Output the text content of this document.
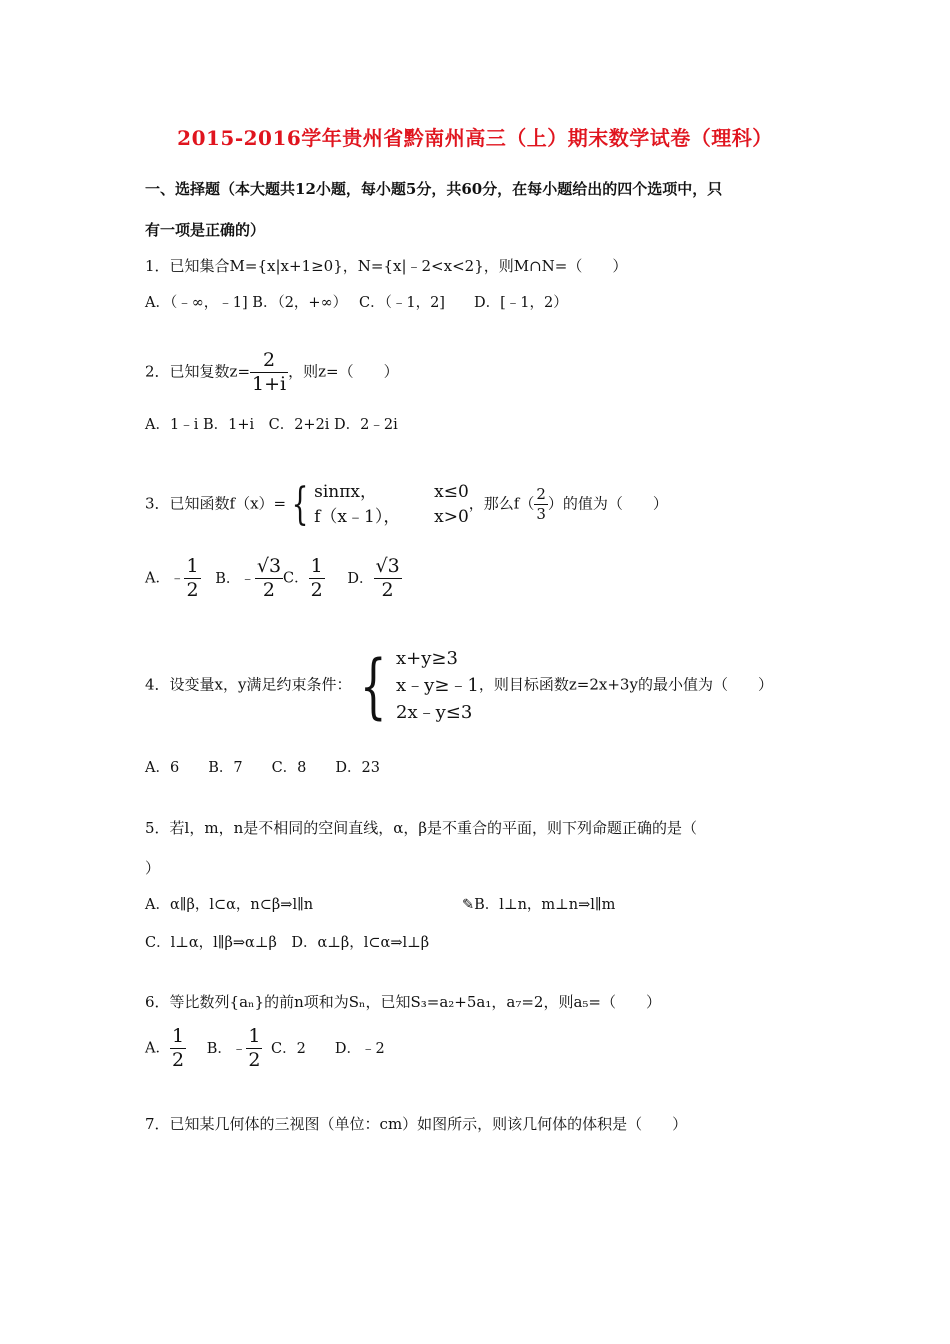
2015-2016学年贵州省黔南州高三（上）期末数学试卷（理科）
一、选择题（本大题共12小题，每小题5分，共60分，在每小题给出的四个选项中，只
有一项是正确的）
1．已知集合M={x|x+1≥0}，N={x|﹣2<x<2}，则M∩N=（　　）
A．（﹣∞，﹣1] B．（2，+∞）　 C．（﹣1，2]　　D．[﹣1，2）
2．已知复数$z= \frac{2}{1+i}$ ，则z=（　　）
A．1﹣i B．1+i　C．2+2i D．2﹣2i
3．已知函数f（x）= { sinπx，	x≤0
f（x﹣1）， x>0
，那么$f( \frac{2}{3}$ ）的值为（　　）
A．﹣ $\frac{1}{2}$ B．﹣ $\frac{√3}{2}$ C． $\frac{1}{2}$ D． $\frac{√3}{2}$
4．设变量x，y满足约束条件： { x+y≥3
x﹣y≥﹣1
2x﹣y≤3
，则目标函数z=2x+3y的最小值为（　　）
A．6　　B．7　　C．8　　D．23
5．若l，m，n是不相同的空间直线，α，β是不重合的平面，则下列命题正确的是（
）
A．α∥β，l⊂α，n⊂β⇒l∥n	✎B．l⊥n，m⊥n⇒l∥m
C．l⊥α，l∥β⇒α⊥β　D．α⊥β，l⊂α⇒l⊥β
6．等比数列{aₙ}的前n项和为Sₙ，已知S₃=a₂+5a₁，a₇=2，则a₅=（　　）
A． $\frac{1}{2}$ B．﹣ $\frac{1}{2}$ C．2　　D．﹣2
7．已知某几何体的三视图（单位：cm）如图所示，则该几何体的体积是（　　）
